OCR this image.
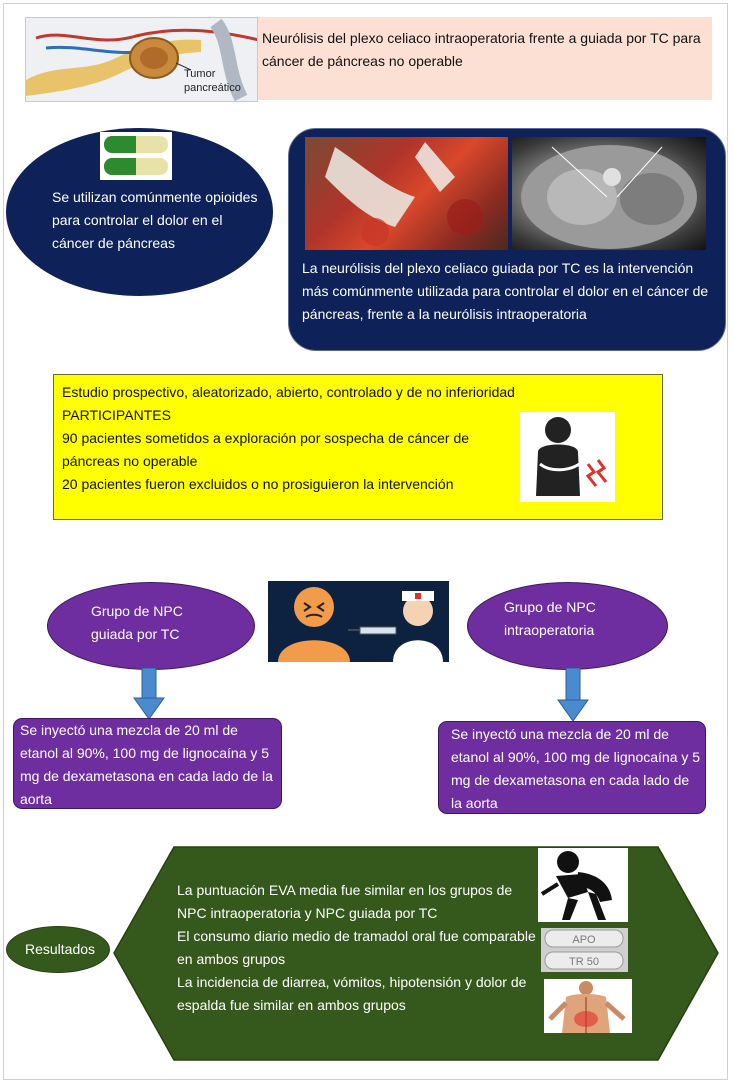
Tumor pancreático
Neurólisis del plexo celiaco intraoperatoria frente a guiada por TC para cáncer de páncreas no operable
Se utilizan comúnmente opioides para controlar el dolor en el cáncer de páncreas
La neurólisis del plexo celiaco guiada por TC es la intervención más comúnmente utilizada para controlar el dolor en el cáncer de páncreas, frente a la neurólisis intraoperatoria
Estudio prospectivo, aleatorizado, abierto, controlado y de no inferioridad
PARTICIPANTES
90 pacientes sometidos a exploración por sospecha de cáncer de
páncreas no operable
20 pacientes fueron excluidos o no prosiguieron la intervención
Grupo de NPC guiada por TC
Grupo de NPC intraoperatoria
Se inyectó una mezcla de 20 ml de etanol al 90%, 100 mg de lignocaína y 5 mg de dexametasona en cada lado de la aorta
Se inyectó una mezcla de 20 ml de etanol al 90%, 100 mg de lignocaína y 5 mg de dexametasona en cada lado de la aorta
Resultados
La puntuación EVA media fue similar en los grupos de NPC intraoperatoria y NPC guiada por TC
El consumo diario medio de tramadol oral fue comparable en ambos grupos
La incidencia de diarrea, vómitos, hipotensión y dolor de espalda fue similar en ambos grupos
APO
TR 50
